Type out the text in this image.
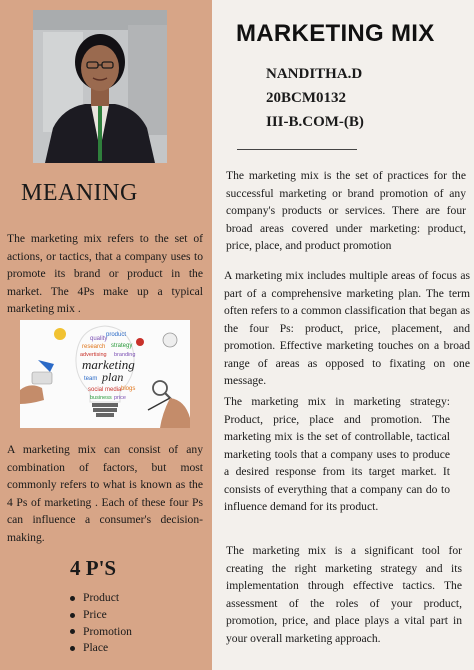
MEANING

The marketing mix refers to the set of actions, or tactics, that a company uses to promote its brand or product in the market. The 4Ps make up a typical marketing mix .

quality
product
research strategy
advertising branding
marketing
plan
team
blogs
social media
business price

A marketing mix can consist of any combination of factors, but most commonly refers to what is known as the 4 Ps of marketing . Each of these four Ps can influence a consumer's decision-making.

4 P'S
Product
Price
Promotion
Place
MARKETING MIX
NANDITHA.D
20BCM0132
III-B.COM-(B)

The marketing mix is the set of practices for the successful marketing or brand promotion of any company's products or services. There are four broad areas covered under marketing: product, price, place, and product promotion

A marketing mix includes multiple areas of focus as part of a comprehensive marketing plan. The term often refers to a common classification that began as the four Ps: product, price, placement, and promotion. Effective marketing touches on a broad range of areas as opposed to fixating on one message.

The marketing mix in marketing strategy: Product, price, place and promotion. The marketing mix is the set of controllable, tactical marketing tools that a company uses to produce a desired response from its target market. It consists of everything that a company can do to influence demand for its product.

The marketing mix is a significant tool for creating the right marketing strategy and its implementation through effective tactics. The assessment of the roles of your product, promotion, price, and place plays a vital part in your overall marketing approach.
